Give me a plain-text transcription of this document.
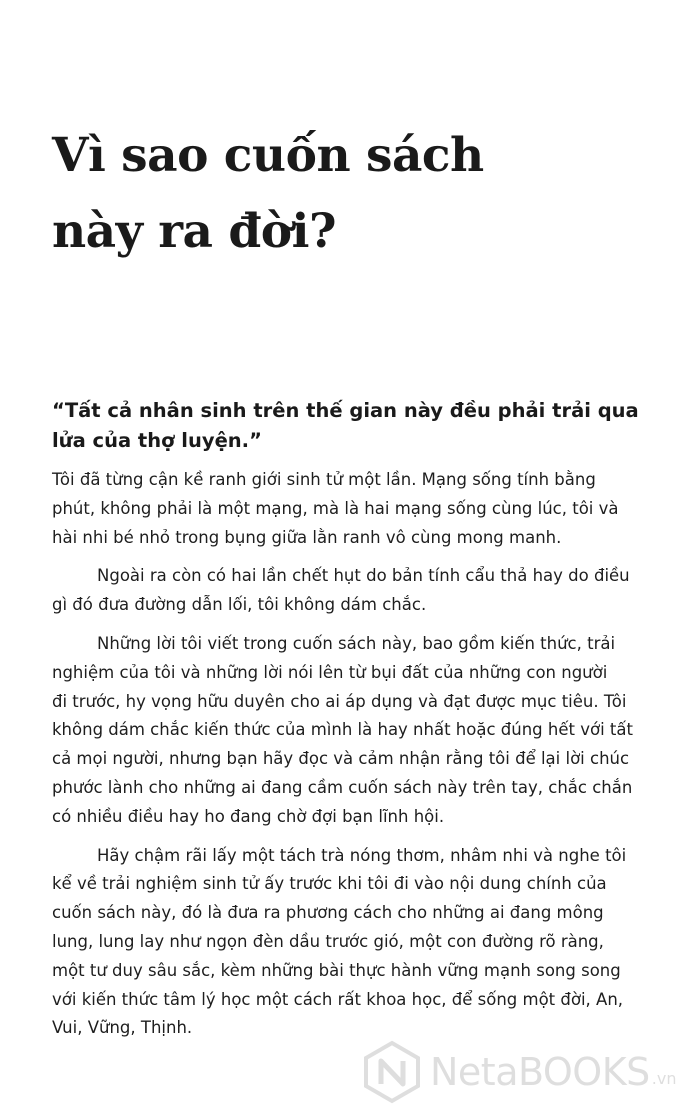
Vì sao cuốn sách
này ra đời?

“Tất cả nhân sinh trên thế gian này đều phải trải qua
lửa của thợ luyện.”

Tôi đã từng cận kề ranh giới sinh tử một lần. Mạng sống tính bằng
phút, không phải là một mạng, mà là hai mạng sống cùng lúc, tôi và
hài nhi bé nhỏ trong bụng giữa lằn ranh vô cùng mong manh.

Ngoài ra còn có hai lần chết hụt do bản tính cẩu thả hay do điều
gì đó đưa đường dẫn lối, tôi không dám chắc.

Những lời tôi viết trong cuốn sách này, bao gồm kiến thức, trải
nghiệm của tôi và những lời nói lên từ bụi đất của những con người
đi trước, hy vọng hữu duyên cho ai áp dụng và đạt được mục tiêu. Tôi
không dám chắc kiến thức của mình là hay nhất hoặc đúng hết với tất
cả mọi người, nhưng bạn hãy đọc và cảm nhận rằng tôi để lại lời chúc
phước lành cho những ai đang cầm cuốn sách này trên tay, chắc chắn
có nhiều điều hay ho đang chờ đợi bạn lĩnh hội.

Hãy chậm rãi lấy một tách trà nóng thơm, nhâm nhi và nghe tôi
kể về trải nghiệm sinh tử ấy trước khi tôi đi vào nội dung chính của
cuốn sách này, đó là đưa ra phương cách cho những ai đang mông
lung, lung lay như ngọn đèn dầu trước gió, một con đường rõ ràng,
một tư duy sâu sắc, kèm những bài thực hành vững mạnh song song
với kiến thức tâm lý học một cách rất khoa học, để sống một đời, An,
Vui, Vững, Thịnh.

NetaBOOKS .vn
